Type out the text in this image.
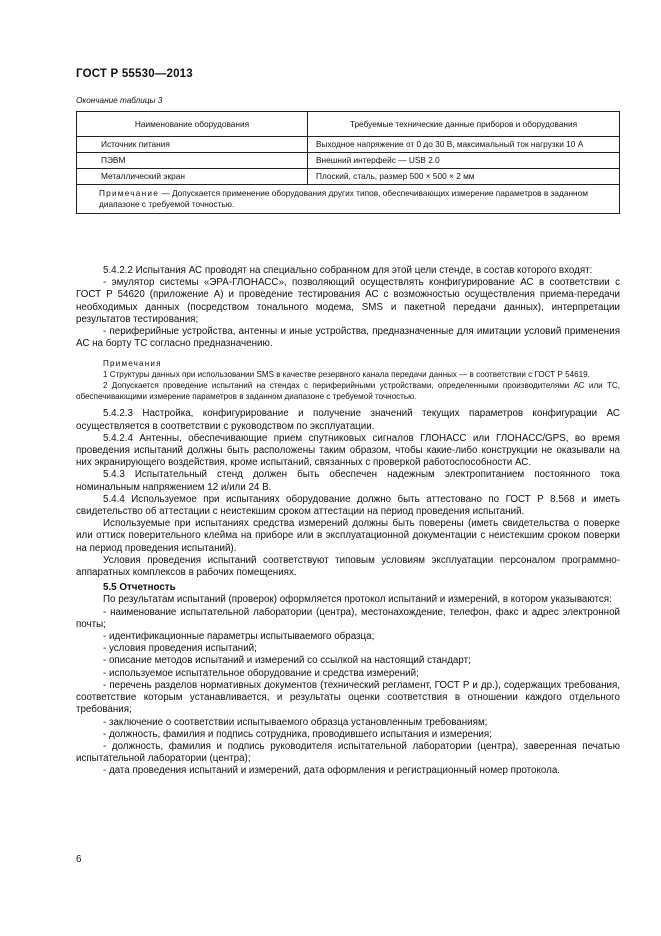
ГОСТ Р 55530—2013
Окончание таблицы 3
Наименование оборудования	Требуемые технические данные приборов и оборудования
Источник питания	Выходное напряжение от 0 до 30 В, максимальный ток нагрузки 10 А
ПЭВМ	Внешний интерфейс — USB 2.0
Металлический экран	Плоский, сталь, размер 500 × 500 × 2 мм
Примечание — Допускается применение оборудования других типов, обеспечивающих измерение параметров в заданном диапазоне с требуемой точностью.	

5.4.2.2 Испытания АС проводят на специально собранном для этой цели стенде, в состав которого входят:

- эмулятор системы «ЭРА-ГЛОНАСС», позволяющий осуществлять конфигурирование АС в соответствии с ГОСТ Р 54620 (приложение А) и проведение тестирования АС с возможностью осуществления приема-передачи необходимых данных (посредством тонального модема, SMS и пакетной передачи данных), интерпретации результатов тестирования;

- периферийные устройства, антенны и иные устройства, предназначенные для имитации условий применения АС на борту ТС согласно предназначению.

Примечания

1 Структуры данных при использовании SMS в качестве резервного канала передачи данных — в соответствии с ГОСТ Р 54619.

2 Допускается проведение испытаний на стендах с периферийными устройствами, определенными производителями АС или ТС, обеспечивающими измерение параметров в заданном диапазоне с требуемой точностью.

5.4.2.3 Настройка, конфигурирование и получение значений текущих параметров конфигурации АС осуществляется в соответствии с руководством по эксплуатации.

5.4.2.4 Антенны, обеспечивающие прием спутниковых сигналов ГЛОНАСС или ГЛОНАСС/GPS, во время проведения испытаний должны быть расположены таким образом, чтобы какие-либо конструкции не оказывали на них экранирующего воздействия, кроме испытаний, связанных с проверкой работоспособности АС.

5.4.3 Испытательный стенд должен быть обеспечен надежным электропитанием постоянного тока номинальным напряжением 12 и/или 24 В.

5.4.4 Используемое при испытаниях оборудование должно быть аттестовано по ГОСТ Р 8.568 и иметь свидетельство об аттестации с неистекшим сроком аттестации на период проведения испытаний.

Используемые при испытаниях средства измерений должны быть поверены (иметь свидетельства о поверке или оттиск поверительного клейма на приборе или в эксплуатационной документации с неистекшим сроком поверки на период проведения испытаний).

Условия проведения испытаний соответствуют типовым условиям эксплуатации персоналом программно-аппаратных комплексов в рабочих помещениях.

5.5 Отчетность

По результатам испытаний (проверок) оформляется протокол испытаний и измерений, в котором указываются:

- наименование испытательной лаборатории (центра), местонахождение, телефон, факс и адрес электронной почты;

- идентификационные параметры испытываемого образца;

- условия проведения испытаний;

- описание методов испытаний и измерений со ссылкой на настоящий стандарт;

- используемое испытательное оборудование и средства измерений;

- перечень разделов нормативных документов (технический регламент, ГОСТ Р и др.), содержащих требования, соответствие которым устанавливается, и результаты оценки соответствия в отношении каждого отдельного требования;

- заключение о соответствии испытываемого образца установленным требованиям;

- должность, фамилия и подпись сотрудника, проводившего испытания и измерения;

- должность, фамилия и подпись руководителя испытательной лаборатории (центра), заверенная печатью испытательной лаборатории (центра);

- дата проведения испытаний и измерений, дата оформления и регистрационный номер протокола.

6
